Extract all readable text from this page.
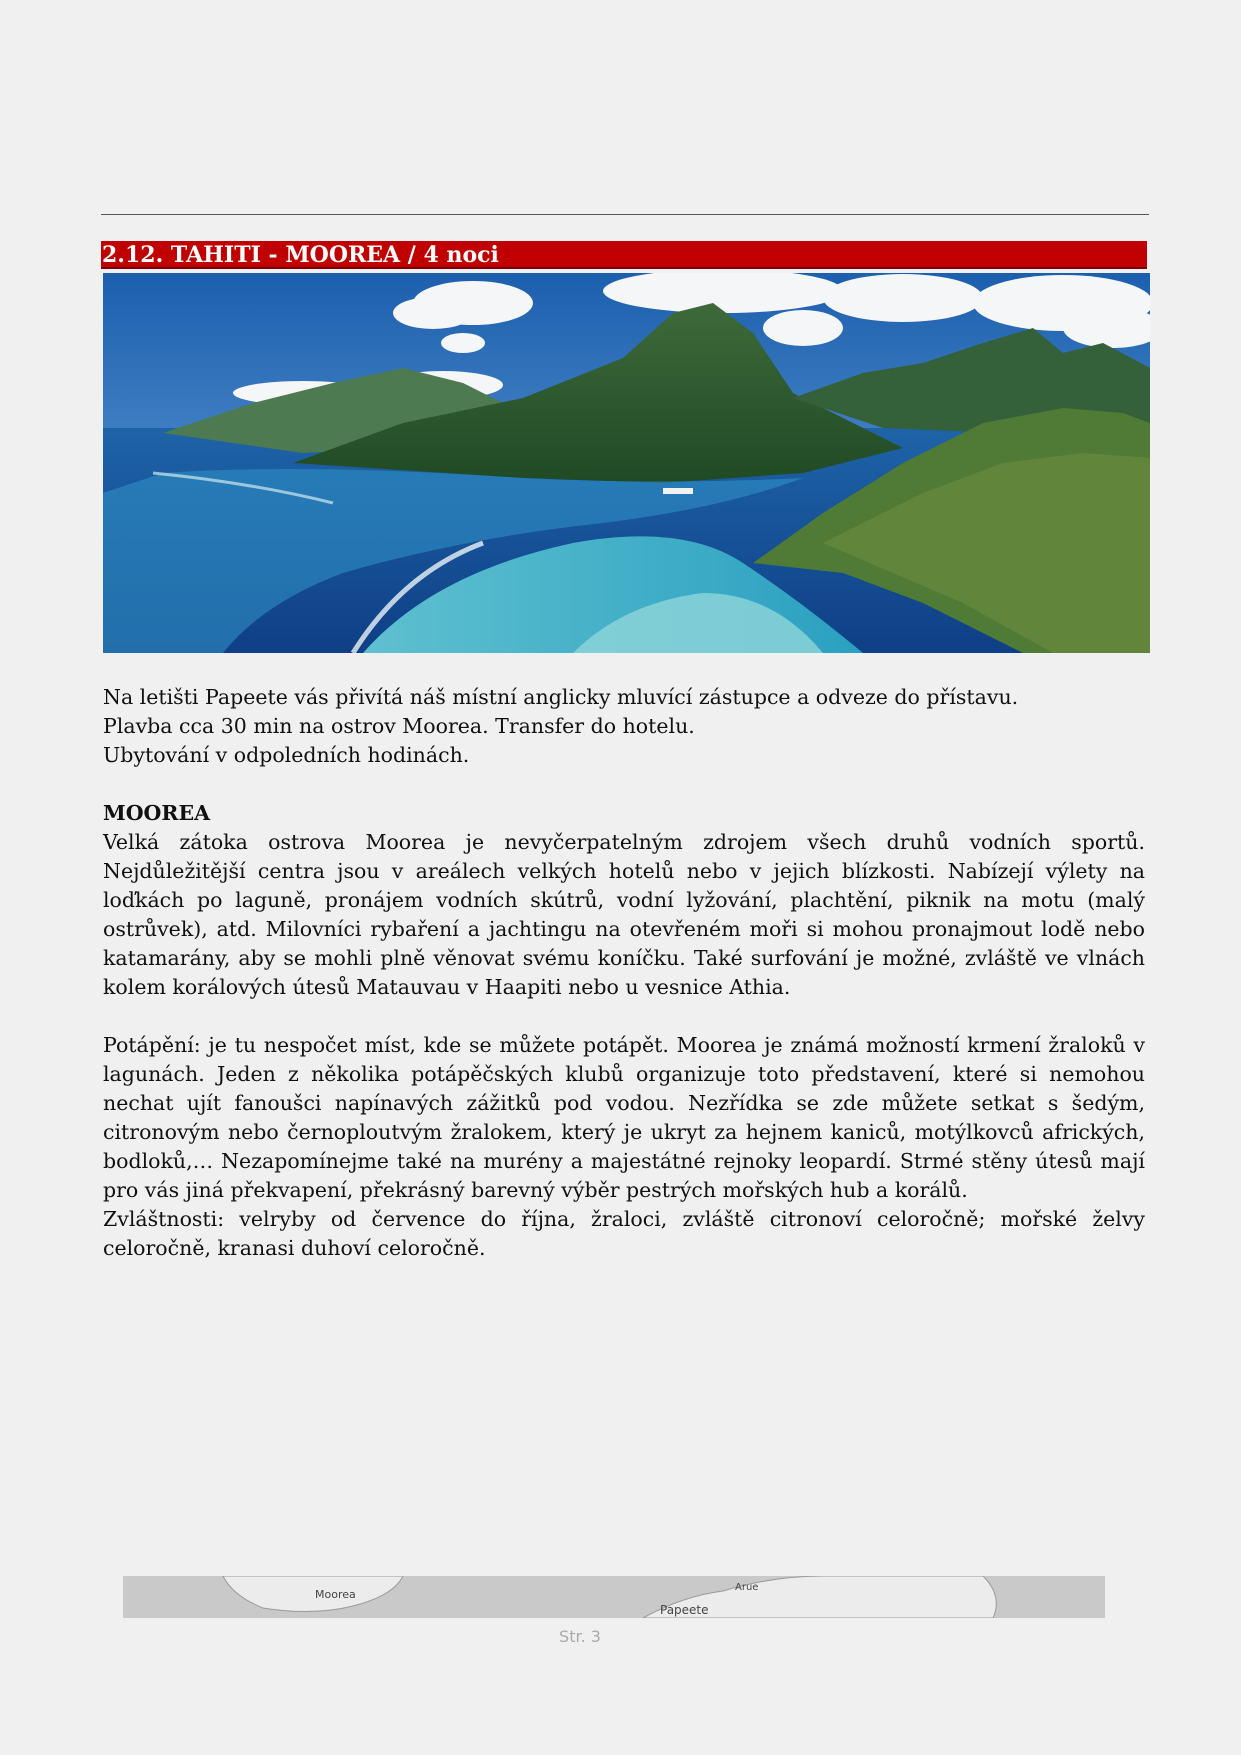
2.12. TAHITI - MOOREA / 4 noci

Na letišti Papeete vás přivítá náš místní anglicky mluvící zástupce a odveze do přístavu.

Plavba cca 30 min na ostrov Moorea. Transfer do hotelu.

Ubytování v odpoledních hodinách.

MOOREA

Velká zátoka ostrova Moorea je nevyčerpatelným zdrojem všech druhů vodních sportů. Nejdůležitější centra jsou v areálech velkých hotelů nebo v jejich blízkosti. Nabízejí výlety na loďkách po laguně, pronájem vodních skútrů, vodní lyžování, plachtění, piknik na motu (malý ostrůvek), atd. Milovníci rybaření a jachtingu na otevřeném moři si mohou pronajmout lodě nebo katamarány, aby se mohli plně věnovat svému koníčku. Také surfování je možné, zvláště ve vlnách kolem korálových útesů Matauvau v Haapiti nebo u vesnice Athia.

Potápění: je tu nespočet míst, kde se můžete potápět. Moorea je známá možností krmení žraloků v lagunách. Jeden z několika potápěčských klubů organizuje toto představení, které si nemohou nechat ujít fanoušci napínavých zážitků pod vodou. Nezřídka se zde můžete setkat s šedým, citronovým nebo černoploutvým žralokem, který je ukryt za hejnem kaniců, motýlkovců afrických, bodloků,… Nezapomínejme také na murény a majestátné rejnoky leopardí. Strmé stěny útesů mají pro vás jiná překvapení, překrásný barevný výběr pestrých mořských hub a korálů.

Zvláštnosti: velryby od července do října, žraloci, zvláště citronoví celoročně; mořské želvy celoročně, kranasi duhoví celoročně.

Moorea
Arue
Papeete
Str. 3
